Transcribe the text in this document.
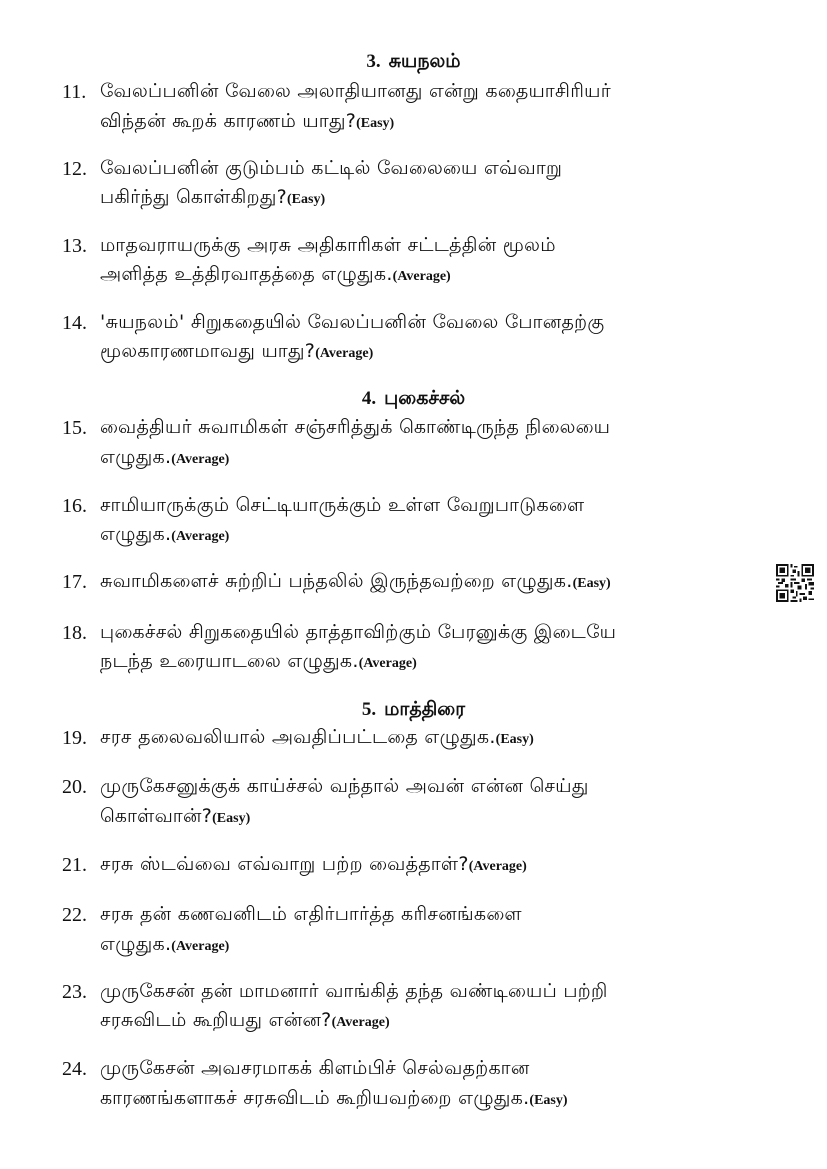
3. சுயநலம்
11. வேலப்பனின் வேலை அலாதியானது என்று கதையாசிரியர்
விந்தன் கூறக் காரணம் யாது?(Easy)
12. வேலப்பனின் குடும்பம் கட்டில் வேலையை எவ்வாறு
பகிர்ந்து கொள்கிறது?(Easy)
13. மாதவராயருக்கு அரசு அதிகாரிகள் சட்டத்தின் மூலம்
அளித்த உத்திரவாதத்தை எழுதுக.(Average)
14. 'சுயநலம்' சிறுகதையில் வேலப்பனின் வேலை போனதற்கு
மூலகாரணமாவது யாது?(Average)
4. புகைச்சல்
15. வைத்தியர் சுவாமிகள் சஞ்சரித்துக் கொண்டிருந்த நிலையை
எழுதுக.(Average)
16. சாமியாருக்கும் செட்டியாருக்கும் உள்ள வேறுபாடுகளை
எழுதுக.(Average)
17. சுவாமிகளைச் சுற்றிப் பந்தலில் இருந்தவற்றை எழுதுக.(Easy)
18. புகைச்சல் சிறுகதையில் தாத்தாவிற்கும் பேரனுக்கு இடையே
நடந்த உரையாடலை எழுதுக.(Average)
5. மாத்திரை
19. சரச தலைவலியால் அவதிப்பட்டதை எழுதுக.(Easy)
20. முருகேசனுக்குக் காய்ச்சல் வந்தால் அவன் என்ன செய்து
கொள்வான்?(Easy)
21. சரசு ஸ்டவ்வை எவ்வாறு பற்ற வைத்தாள்?(Average)
22. சரசு தன் கணவனிடம் எதிர்பார்த்த கரிசனங்களை
எழுதுக.(Average)
23. முருகேசன் தன் மாமனார் வாங்கித் தந்த வண்டியைப் பற்றி
சரசுவிடம் கூறியது என்ன?(Average)
24. முருகேசன் அவசரமாகக் கிளம்பிச் செல்வதற்கான
காரணங்களாகச் சரசுவிடம் கூறியவற்றை எழுதுக.(Easy)
